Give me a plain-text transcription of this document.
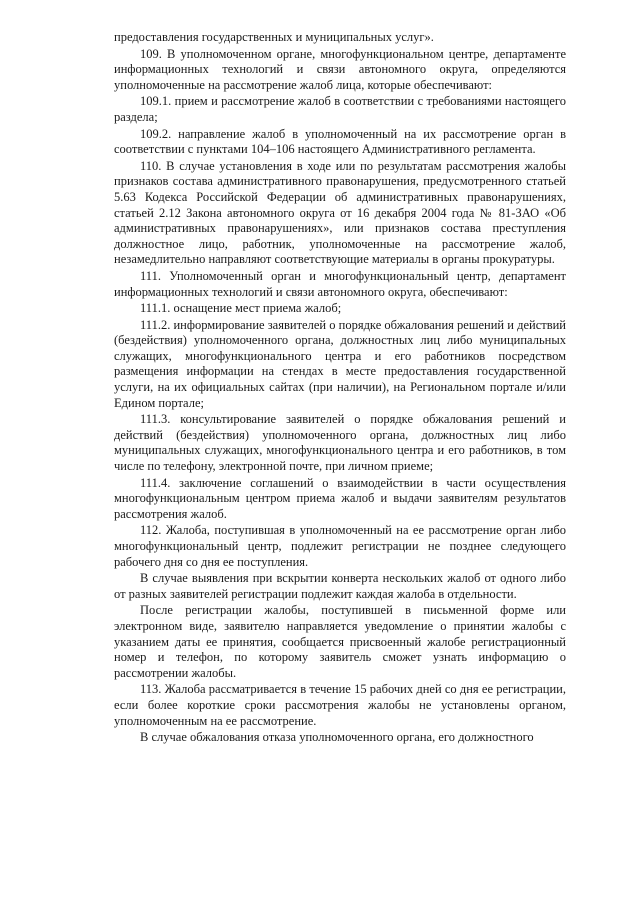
предоставления государственных и муниципальных услуг».

109. В уполномоченном органе, многофункциональном центре, департаменте информационных технологий и связи автономного округа, определяются уполномоченные на рассмотрение жалоб лица, которые обеспечивают:

109.1. прием и рассмотрение жалоб в соответствии с требованиями настоящего раздела;

109.2. направление жалоб в уполномоченный на их рассмотрение орган в соответствии с пунктами 104–106 настоящего Административного регламента.

110. В случае установления в ходе или по результатам рассмотрения жалобы признаков состава административного правонарушения, предусмотренного статьей 5.63 Кодекса Российской Федерации об административных правонарушениях, статьей 2.12 Закона автономного округа от 16 декабря 2004 года № 81-ЗАО «Об административных правонарушениях», или признаков состава преступления должностное лицо, работник, уполномоченные на рассмотрение жалоб, незамедлительно направляют соответствующие материалы в органы прокуратуры.

111. Уполномоченный орган и многофункциональный центр, департамент информационных технологий и связи автономного округа, обеспечивают:

111.1. оснащение мест приема жалоб;

111.2. информирование заявителей о порядке обжалования решений и действий (бездействия) уполномоченного органа, должностных лиц либо муниципальных служащих, многофункционального центра и его работников посредством размещения информации на стендах в месте предоставления государственной услуги, на их официальных сайтах (при наличии), на Региональном портале и/или Едином портале;

111.3. консультирование заявителей о порядке обжалования решений и действий (бездействия) уполномоченного органа, должностных лиц либо муниципальных служащих, многофункционального центра и его работников, в том числе по телефону, электронной почте, при личном приеме;

111.4. заключение соглашений о взаимодействии в части осуществления многофункциональным центром приема жалоб и выдачи заявителям результатов рассмотрения жалоб.

112. Жалоба, поступившая в уполномоченный на ее рассмотрение орган либо многофункциональный центр, подлежит регистрации не позднее следующего рабочего дня со дня ее поступления.

В случае выявления при вскрытии конверта нескольких жалоб от одного либо от разных заявителей регистрации подлежит каждая жалоба в отдельности.

После регистрации жалобы, поступившей в письменной форме или электронном виде, заявителю направляется уведомление о принятии жалобы с указанием даты ее принятия, сообщается присвоенный жалобе регистрационный номер и телефон, по которому заявитель сможет узнать информацию о рассмотрении жалобы.

113. Жалоба рассматривается в течение 15 рабочих дней со дня ее регистрации, если более короткие сроки рассмотрения жалобы не установлены органом, уполномоченным на ее рассмотрение.

В случае обжалования отказа уполномоченного органа, его должностного
